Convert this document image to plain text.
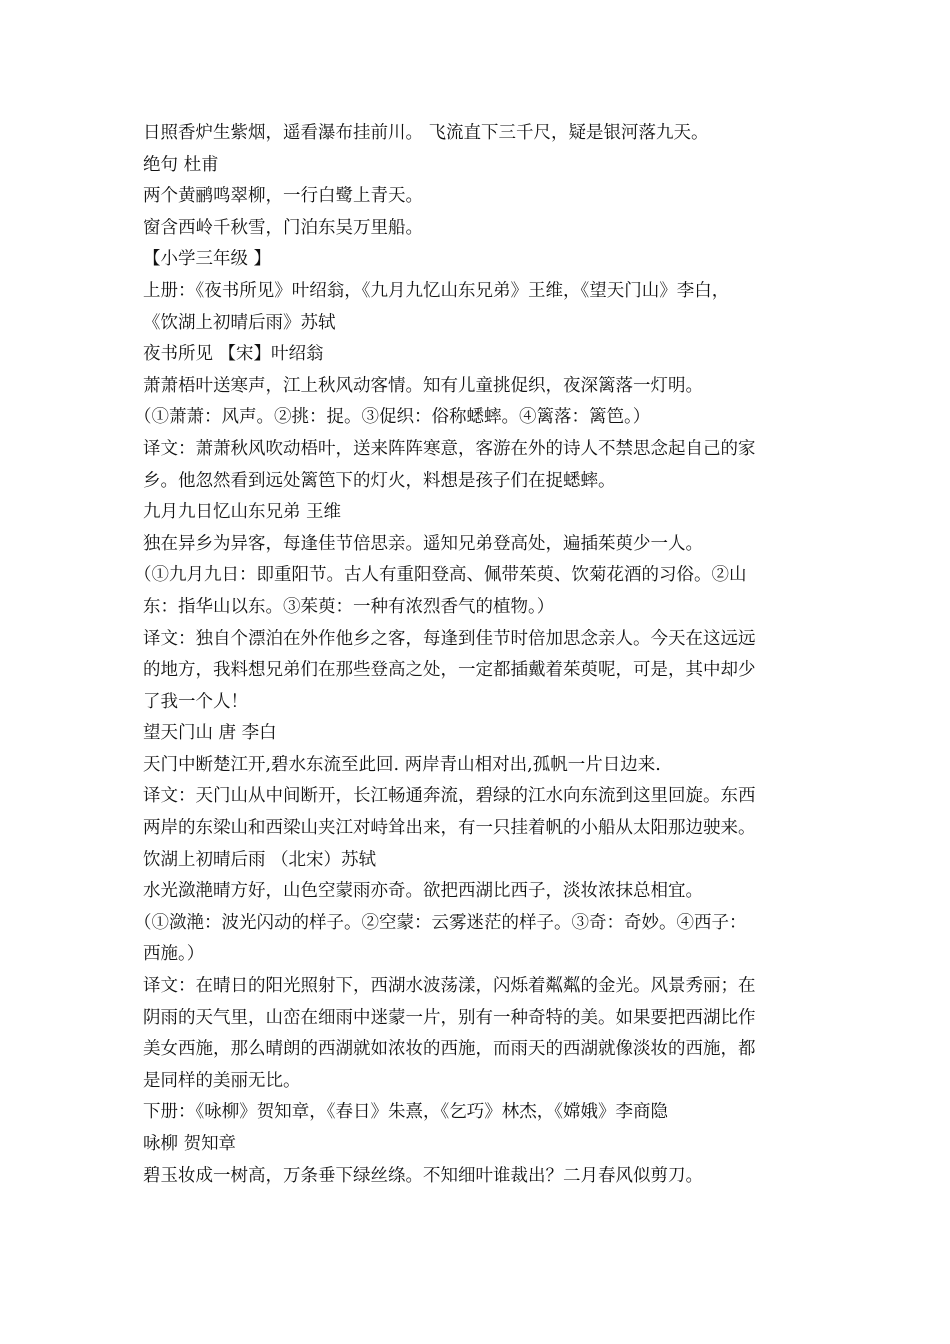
日照香炉生紫烟，遥看瀑布挂前川。 飞流直下三千尺，疑是银河落九天。
绝句 杜甫
两个黄鹂鸣翠柳，一行白鹭上青天。
窗含西岭千秋雪，门泊东吴万里船。
【小学三年级 】
上册：《夜书所见》叶绍翁，《九月九忆山东兄弟》王维，《望天门山》李白，
《饮湖上初晴后雨》苏轼
夜书所见 【宋】叶绍翁
萧萧梧叶送寒声，江上秋风动客情。知有儿童挑促织，夜深篱落一灯明。
（①萧萧：风声。②挑：捉。③促织：俗称蟋蟀。④篱落：篱笆。）
译文：萧萧秋风吹动梧叶，送来阵阵寒意，客游在外的诗人不禁思念起自己的家
乡。他忽然看到远处篱笆下的灯火，料想是孩子们在捉蟋蟀。
九月九日忆山东兄弟 王维
独在异乡为异客，每逢佳节倍思亲。遥知兄弟登高处，遍插茱萸少一人。
（①九月九日：即重阳节。古人有重阳登高、佩带茱萸、饮菊花酒的习俗。②山
东：指华山以东。③茱萸：一种有浓烈香气的植物。）
译文：独自个漂泊在外作他乡之客，每逢到佳节时倍加思念亲人。今天在这远远
的地方，我料想兄弟们在那些登高之处，一定都插戴着茱萸呢，可是，其中却少
了我一个人！
望天门山 唐 李白
天门中断楚江开,碧水东流至此回. 两岸青山相对出,孤帆一片日边来.
译文：天门山从中间断开，长江畅通奔流，碧绿的江水向东流到这里回旋。东西
两岸的东梁山和西梁山夹江对峙耸出来，有一只挂着帆的小船从太阳那边驶来。
饮湖上初晴后雨 （北宋）苏轼
水光潋滟晴方好，山色空蒙雨亦奇。欲把西湖比西子，淡妆浓抹总相宜。
（①潋滟：波光闪动的样子。②空蒙：云雾迷茫的样子。③奇：奇妙。④西子：
西施。）
译文：在晴日的阳光照射下，西湖水波荡漾，闪烁着粼粼的金光。风景秀丽；在
阴雨的天气里，山峦在细雨中迷蒙一片，别有一种奇特的美。如果要把西湖比作
美女西施，那么晴朗的西湖就如浓妆的西施，而雨天的西湖就像淡妆的西施，都
是同样的美丽无比。
下册：《咏柳》贺知章，《春日》朱熹，《乞巧》林杰，《嫦娥》李商隐
咏柳 贺知章
碧玉妆成一树高，万条垂下绿丝绦。不知细叶谁裁出？二月春风似剪刀。
